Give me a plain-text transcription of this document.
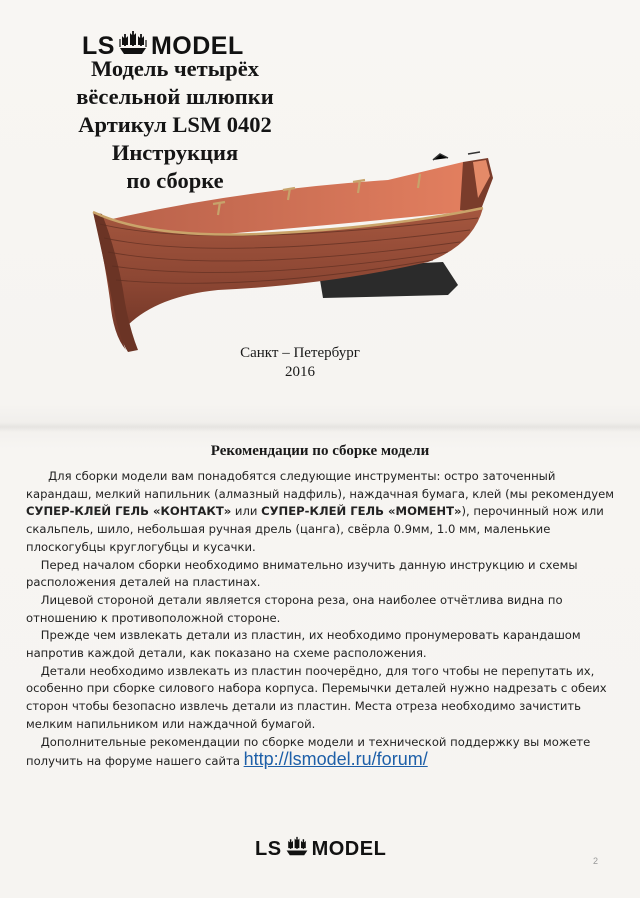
LS MODEL
Модель четырёх
вёсельной шлюпки
Артикул LSM 0402
Инструкция
по сборке
Санкт – Петербург
2016
Рекомендации по сборке модели

Для сборки модели вам понадобятся следующие инструменты: остро заточенный карандаш, мелкий напильник (алмазный надфиль), наждачная бумага, клей (мы рекомендуем СУПЕР-КЛЕЙ ГЕЛЬ «КОНТАКТ» или СУПЕР-КЛЕЙ ГЕЛЬ «МОМЕНТ»), перочинный нож или скальпель, шило, небольшая ручная дрель (цанга), свёрла 0.9мм, 1.0 мм, маленькие плоскогубцы круглогубцы и кусачки.

Перед началом сборки необходимо внимательно изучить данную инструкцию и схемы расположения деталей на пластинах.

Лицевой стороной детали является сторона реза, она наиболее отчётлива видна по отношению к противоположной стороне.

Прежде чем извлекать детали из пластин, их необходимо пронумеровать карандашом напротив каждой детали, как показано на схеме расположения.

Детали необходимо извлекать из пластин поочерёдно, для того чтобы не перепутать их, особенно при сборке силового набора корпуса. Перемычки деталей нужно надрезать с обеих сторон чтобы безопасно извлечь детали из пластин. Места отреза необходимо зачистить мелким напильником или наждачной бумагой.

Дополнительные рекомендации по сборке модели и технической поддержку вы можете получить на форуме нашего сайта http://lsmodel.ru/forum/

LS MODEL
2
